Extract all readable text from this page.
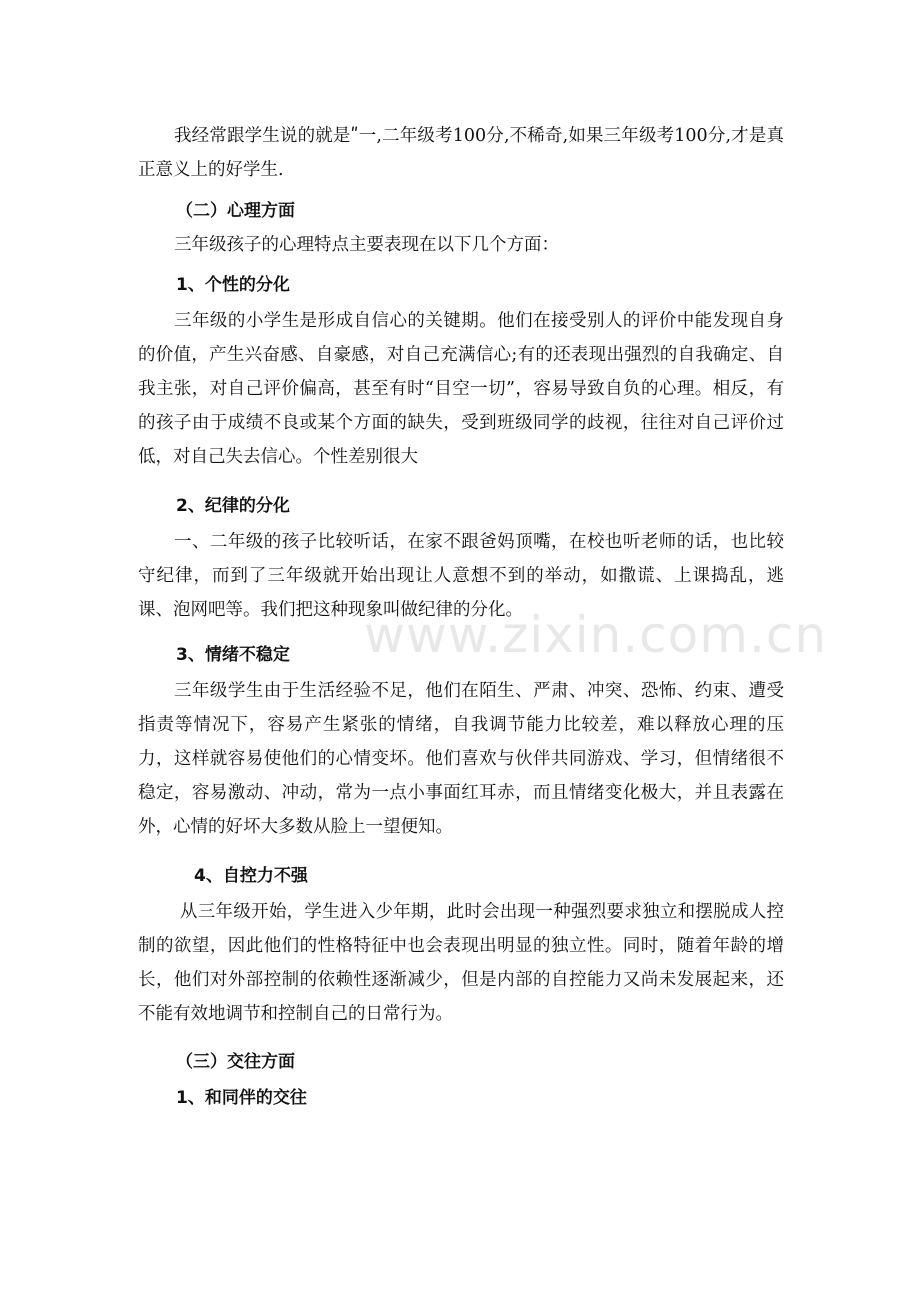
www.zixin.com.cn

我经常跟学生说的就是ʺ一,二年级考100分,不稀奇,如果三年级考100分,才是真正意义上的好学生.

（二）心理方面

三年级孩子的心理特点主要表现在以下几个方面：

1、个性的分化

三年级的小学生是形成自信心的关键期。他们在接受别人的评价中能发现自身的价值，产生兴奋感、自豪感，对自己充满信心;有的还表现出强烈的自我确定、自我主张，对自己评价偏高，甚至有时“目空一切”，容易导致自负的心理。相反，有的孩子由于成绩不良或某个方面的缺失，受到班级同学的歧视，往往对自己评价过低，对自己失去信心。个性差别很大

2、纪律的分化

一、二年级的孩子比较听话，在家不跟爸妈顶嘴，在校也听老师的话，也比较守纪律，而到了三年级就开始出现让人意想不到的举动，如撒谎、上课捣乱，逃课、泡网吧等。我们把这种现象叫做纪律的分化。

3、情绪不稳定

三年级学生由于生活经验不足，他们在陌生、严肃、冲突、恐怖、约束、遭受指责等情况下，容易产生紧张的情绪，自我调节能力比较差，难以释放心理的压力，这样就容易使他们的心情变坏。他们喜欢与伙伴共同游戏、学习，但情绪很不稳定，容易激动、冲动，常为一点小事面红耳赤，而且情绪变化极大，并且表露在外，心情的好坏大多数从脸上一望便知。

4、自控力不强

从三年级开始，学生进入少年期，此时会出现一种强烈要求独立和摆脱成人控制的欲望，因此他们的性格特征中也会表现出明显的独立性。同时，随着年龄的增长，他们对外部控制的依赖性逐渐减少，但是内部的自控能力又尚未发展起来，还不能有效地调节和控制自己的日常行为。

（三）交往方面

1、和同伴的交往
